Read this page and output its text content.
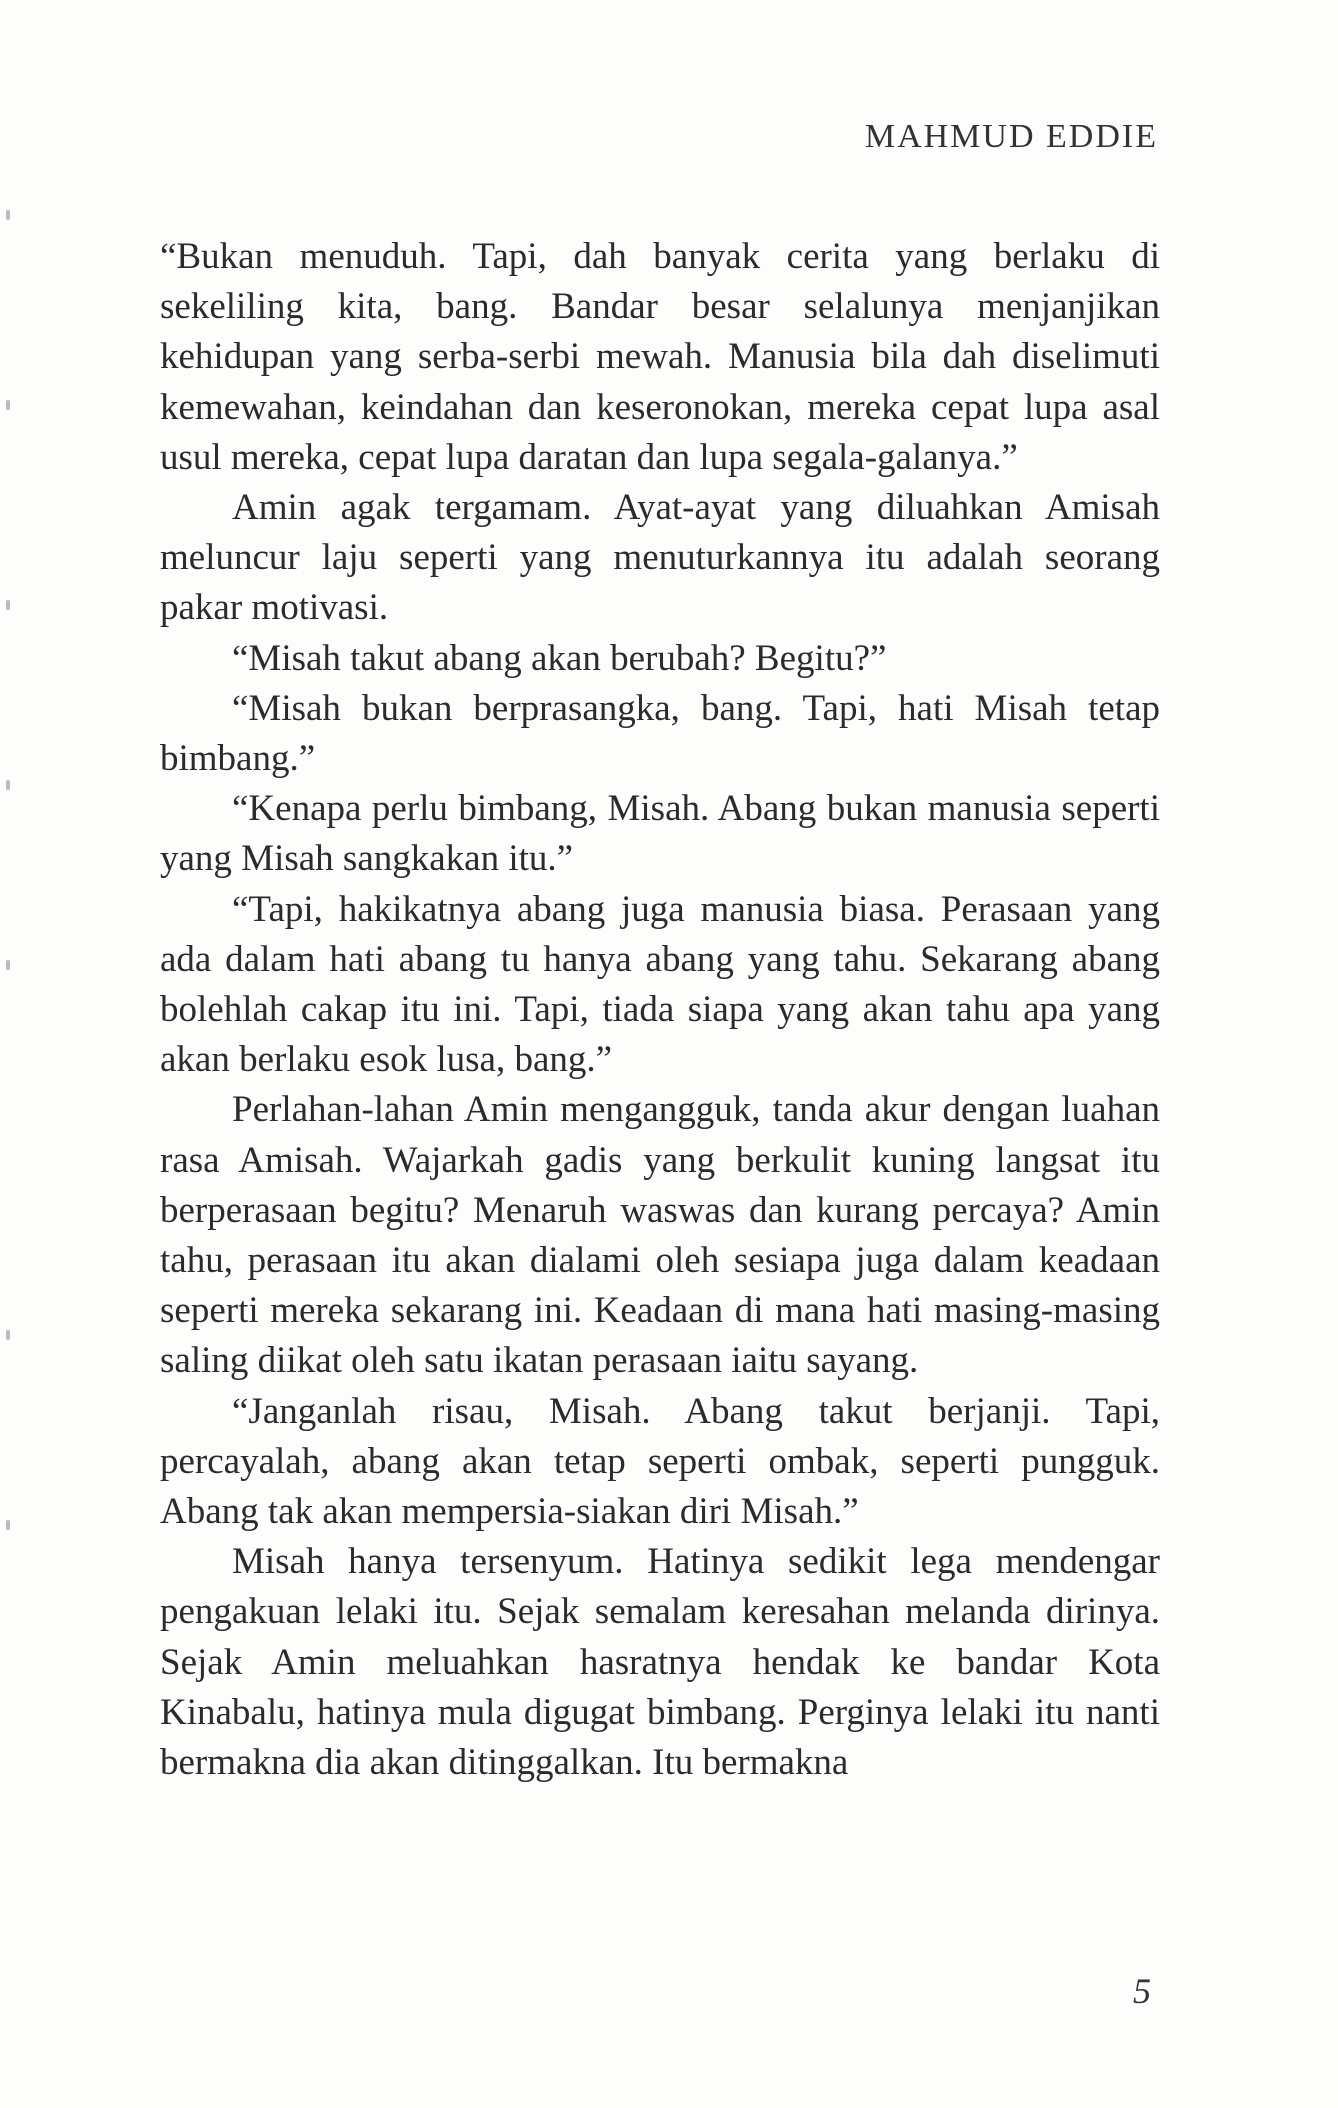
MAHMUD EDDIE

“Bukan menuduh. Tapi, dah banyak cerita yang berlaku di sekeliling kita, bang. Bandar besar selalunya menjanjikan kehidupan yang serba-serbi mewah. Manusia bila dah diselimuti kemewahan, keindahan dan keseronokan, mereka cepat lupa asal usul mereka, cepat lupa daratan dan lupa segala-galanya.”

Amin agak tergamam. Ayat-ayat yang diluahkan Amisah meluncur laju seperti yang menuturkannya itu adalah seorang pakar motivasi.

“Misah takut abang akan berubah? Begitu?”

“Misah bukan berprasangka, bang. Tapi, hati Misah tetap bimbang.”

“Kenapa perlu bimbang, Misah. Abang bukan manusia seperti yang Misah sangkakan itu.”

“Tapi, hakikatnya abang juga manusia biasa. Perasaan yang ada dalam hati abang tu hanya abang yang tahu. Sekarang abang bolehlah cakap itu ini. Tapi, tiada siapa yang akan tahu apa yang akan berlaku esok lusa, bang.”

Perlahan-lahan Amin mengangguk, tanda akur dengan luahan rasa Amisah. Wajarkah gadis yang berkulit kuning langsat itu berperasaan begitu? Menaruh waswas dan kurang percaya? Amin tahu, perasaan itu akan dialami oleh sesiapa juga dalam keadaan seperti mereka sekarang ini. Keadaan di mana hati masing-masing saling diikat oleh satu ikatan perasaan iaitu sayang.

“Janganlah risau, Misah. Abang takut berjanji. Tapi, percayalah, abang akan tetap seperti ombak, seperti pungguk. Abang tak akan mempersia-siakan diri Misah.”

Misah hanya tersenyum. Hatinya sedikit lega mendengar pengakuan lelaki itu. Sejak semalam keresahan melanda dirinya. Sejak Amin meluahkan hasratnya hendak ke bandar Kota Kinabalu, hatinya mula digugat bimbang. Perginya lelaki itu nanti bermakna dia akan ditinggalkan. Itu bermakna

5
